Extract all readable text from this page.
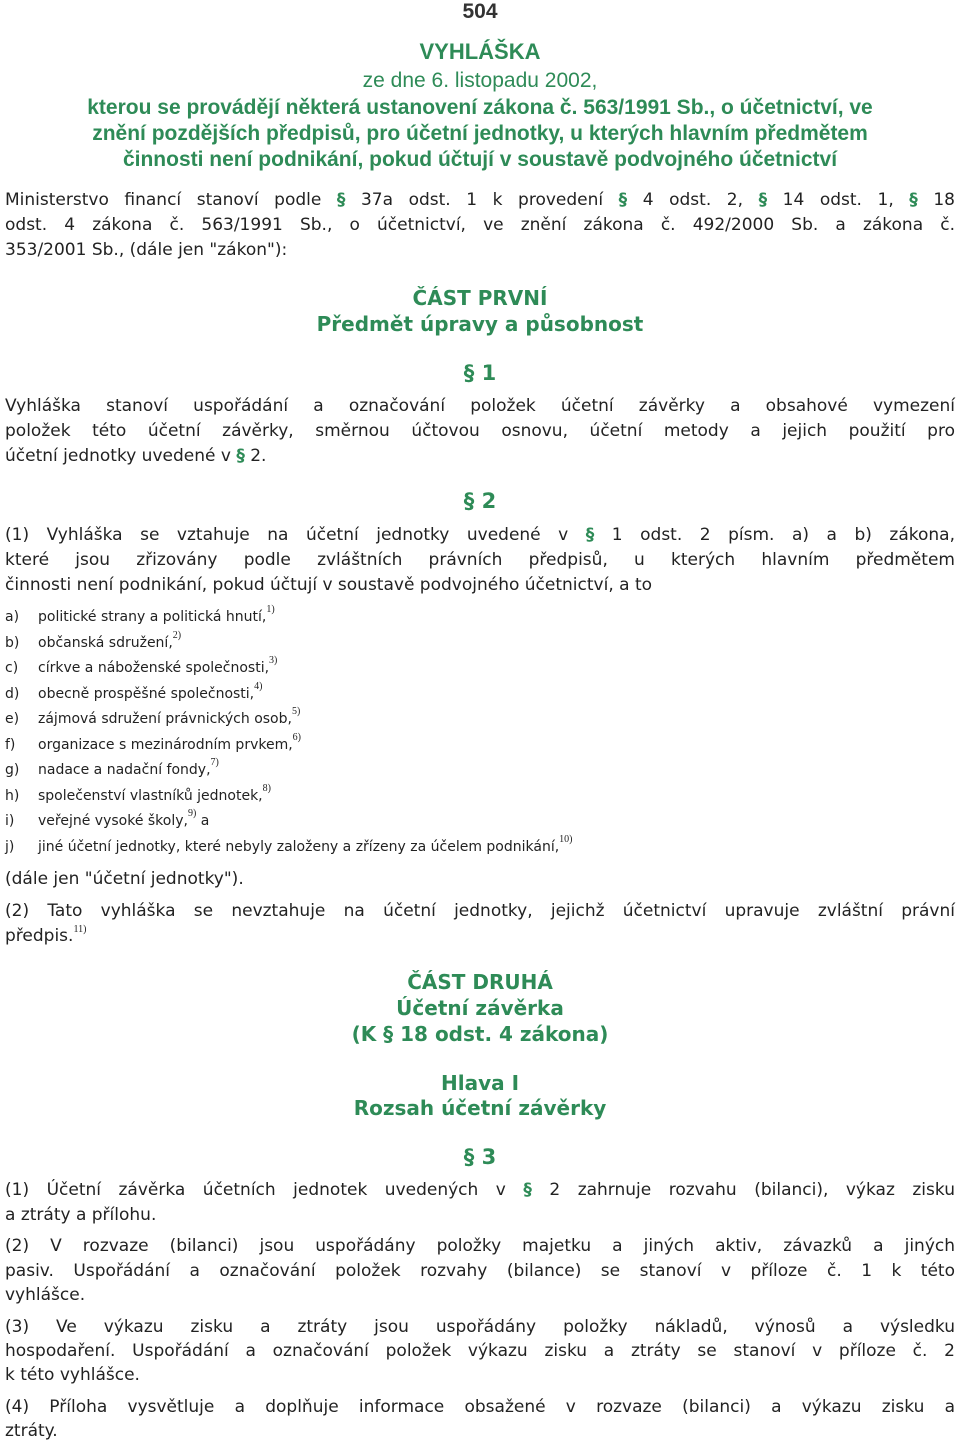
504
VYHLÁŠKA
ze dne 6. listopadu 2002,
kterou se provádějí některá ustanovení zákona č. 563/1991 Sb., o účetnictví, ve
znění pozdějších předpisů, pro účetní jednotky, u kterých hlavním předmětem
činnosti není podnikání, pokud účtují v soustavě podvojného účetnictví
Ministerstvo financí stanoví podle § 37a odst. 1 k provedení § 4 odst. 2, § 14 odst. 1, § 18
odst. 4 zákona č. 563/1991 Sb., o účetnictví, ve znění zákona č. 492/2000 Sb. a zákona č.
353/2001 Sb., (dále jen "zákon"):
ČÁST PRVNÍ
Předmět úpravy a působnost
§ 1
Vyhláška stanoví uspořádání a označování položek účetní závěrky a obsahové vymezení
položek této účetní závěrky, směrnou účtovou osnovu, účetní metody a jejich použití pro
účetní jednotky uvedené v § 2.
§ 2
(1) Vyhláška se vztahuje na účetní jednotky uvedené v § 1 odst. 2 písm. a) a b) zákona,
které jsou zřizovány podle zvláštních právních předpisů, u kterých hlavním předmětem
činnosti není podnikání, pokud účtují v soustavě podvojného účetnictví, a to
a) politické strany a politická hnutí,$^{1)}$
b) občanská sdružení,$^{2)}$
c) církve a náboženské společnosti,$^{3)}$
d) obecně prospěšné společnosti,$^{4)}$
e) zájmová sdružení právnických osob,$^{5)}$
f) organizace s mezinárodním prvkem,$^{6)}$
g) nadace a nadační fondy,$^{7)}$
h) společenství vlastníků jednotek,$^{8)}$
i) veřejné vysoké školy,$^{9)}$ a
j) jiné účetní jednotky, které nebyly založeny a zřízeny za účelem podnikání,$^{10)}$
(dále jen "účetní jednotky").
(2) Tato vyhláška se nevztahuje na účetní jednotky, jejichž účetnictví upravuje zvláštní právní
předpis.$^{11)}$
ČÁST DRUHÁ
Účetní závěrka
(K § 18 odst. 4 zákona)
Hlava I
Rozsah účetní závěrky
§ 3
(1) Účetní závěrka účetních jednotek uvedených v § 2 zahrnuje rozvahu (bilanci), výkaz zisku
a ztráty a přílohu.
(2) V rozvaze (bilanci) jsou uspořádány položky majetku a jiných aktiv, závazků a jiných
pasiv. Uspořádání a označování položek rozvahy (bilance) se stanoví v příloze č. 1 k této
vyhlášce.
(3) Ve výkazu zisku a ztráty jsou uspořádány položky nákladů, výnosů a výsledku
hospodaření. Uspořádání a označování položek výkazu zisku a ztráty se stanoví v příloze č. 2
k této vyhlášce.
(4) Příloha vysvětluje a doplňuje informace obsažené v rozvaze (bilanci) a výkazu zisku a
ztráty.
